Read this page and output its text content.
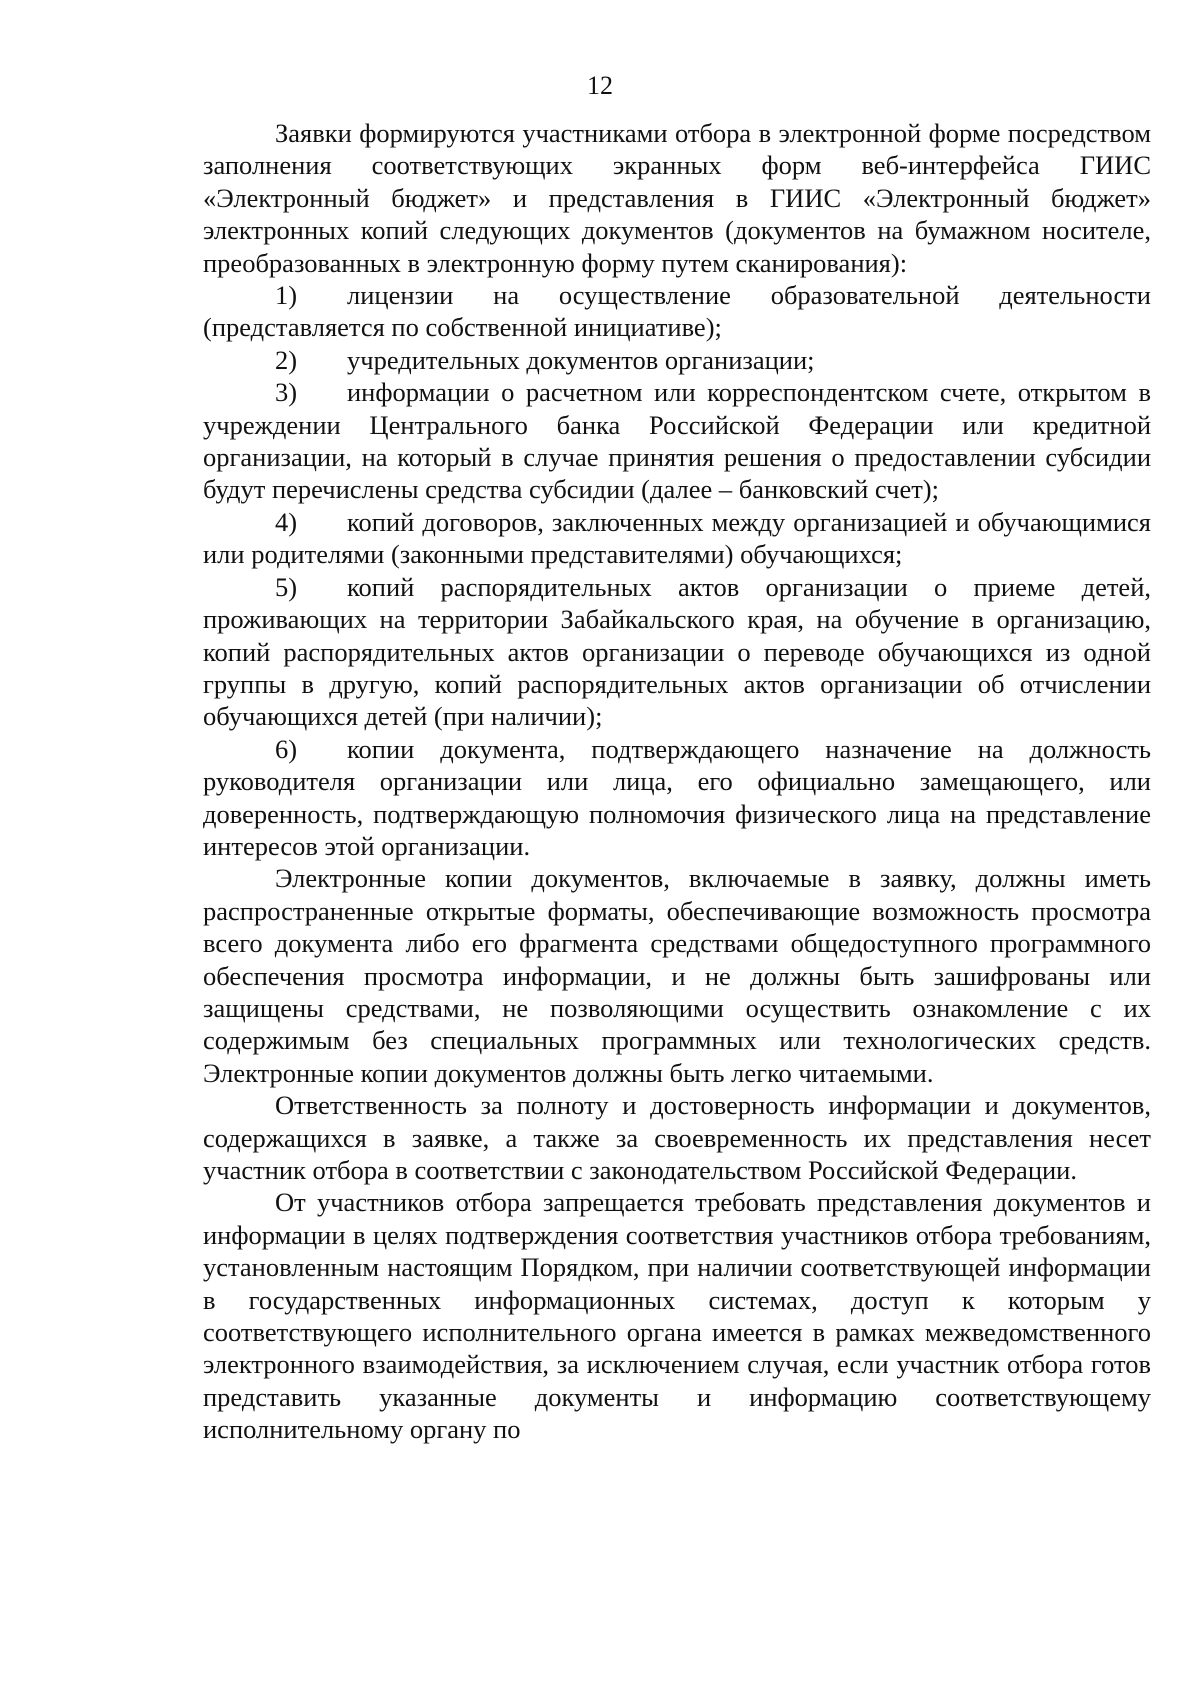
12

Заявки формируются участниками отбора в электронной форме посредством заполнения соответствующих экранных форм веб-интерфейса ГИИС «Электронный бюджет» и представления в ГИИС «Электронный бюджет» электронных копий следующих документов (документов на бумажном носителе, преобразованных в электронную форму путем сканирования):

1) лицензии на осуществление образовательной деятельности (представляется по собственной инициативе);

2) учредительных документов организации;

3) информации о расчетном или корреспондентском счете, открытом в учреждении Центрального банка Российской Федерации или кредитной организации, на который в случае принятия решения о предоставлении субсидии будут перечислены средства субсидии (далее – банковский счет);

4) копий договоров, заключенных между организацией и обучающимися или родителями (законными представителями) обучающихся;

5) копий распорядительных актов организации о приеме детей, проживающих на территории Забайкальского края, на обучение в организацию, копий распорядительных актов организации о переводе обучающихся из одной группы в другую, копий распорядительных актов организации об отчислении обучающихся детей (при наличии);

6) копии документа, подтверждающего назначение на должность руководителя организации или лица, его официально замещающего, или доверенность, подтверждающую полномочия физического лица на представление интересов этой организации.

Электронные копии документов, включаемые в заявку, должны иметь распространенные открытые форматы, обеспечивающие возможность просмотра всего документа либо его фрагмента средствами общедоступного программного обеспечения просмотра информации, и не должны быть зашифрованы или защищены средствами, не позволяющими осуществить ознакомление с их содержимым без специальных программных или технологических средств. Электронные копии документов должны быть легко читаемыми.

Ответственность за полноту и достоверность информации и документов, содержащихся в заявке, а также за своевременность их представления несет участник отбора в соответствии с законодательством Российской Федерации.

От участников отбора запрещается требовать представления документов и информации в целях подтверждения соответствия участников отбора требованиям, установленным настоящим Порядком, при наличии соответствующей информации в государственных информационных системах, доступ к которым у соответствующего исполнительного органа имеется в рамках межведомственного электронного взаимодействия, за исключением случая, если участник отбора готов представить указанные документы и информацию соответствующему исполнительному органу по
